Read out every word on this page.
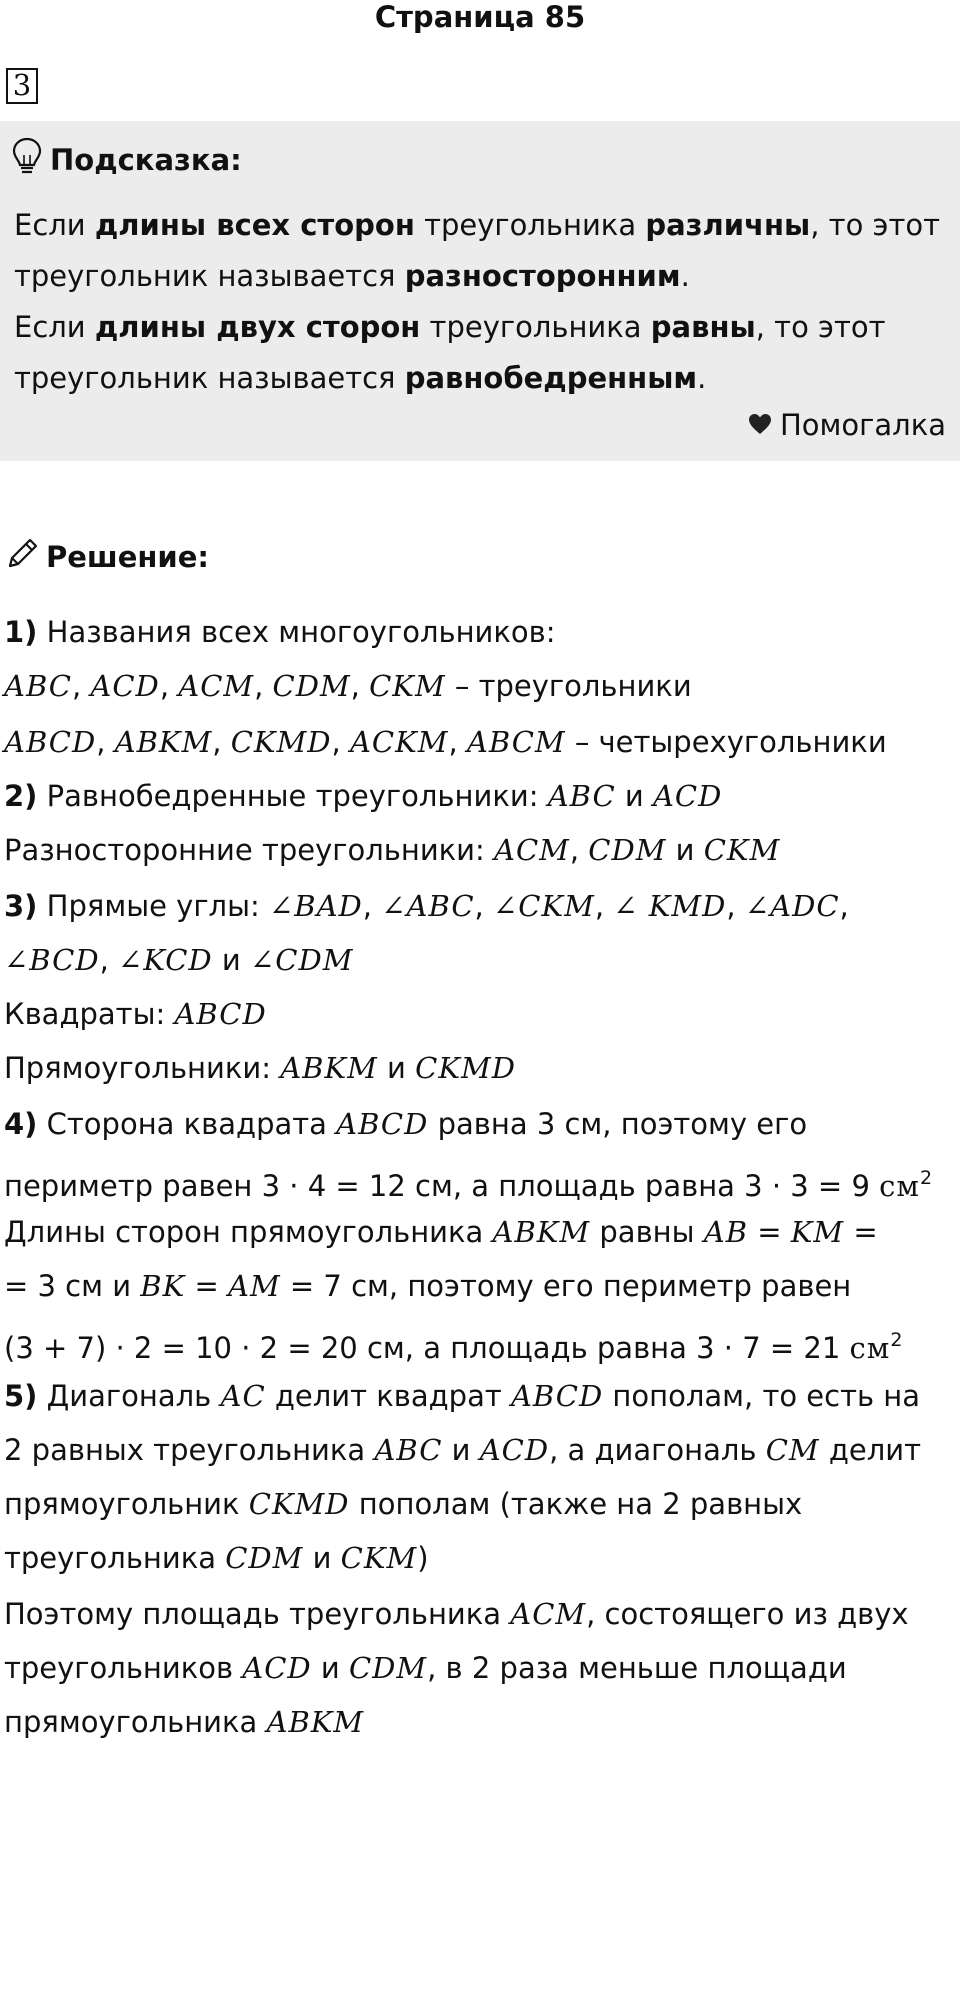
Страница 85
3
Подсказка:
Если длины всех сторон треугольника различны, то этот
треугольник называется разносторонним.
Если длины двух сторон треугольника равны, то этот
треугольник называется равнобедренным.
Помогалка
Решение:
1) Названия всех многоугольников:
ABC, ACD, ACM, CDM, CKM – треугольники
ABCD, ABKM, CKMD, ACKM, ABCM – четырехугольники
2) Равнобедренные треугольники: ABC и ACD
Разносторонние треугольники: ACM, CDM и CKM
3) Прямые углы: ∠BAD, ∠ABC, ∠CKM, ∠ KMD, ∠ADC,
∠BCD, ∠KCD и ∠CDM
Квадраты: ABCD
Прямоугольники: ABKM и CKMD
4) Сторона квадрата ABCD равна 3 см, поэтому его
периметр равен 3 · 4 = 12 см, а площадь равна 3 · 3 = 9 $см^2$
Длины сторон прямоугольника ABKM равны AB = KM =
= 3 см и BK = AM = 7 см, поэтому его периметр равен
(3 + 7) · 2 = 10 · 2 = 20 см, а площадь равна 3 · 7 = 21 $см^2$
5) Диагональ AC делит квадрат ABCD пополам, то есть на
2 равных треугольника ABC и ACD, а диагональ CM делит
прямоугольник CKMD пополам (также на 2 равных
треугольника CDM и CKM)
Поэтому площадь треугольника ACM, состоящего из двух
треугольников ACD и CDM, в 2 раза меньше площади
прямоугольника ABKM
